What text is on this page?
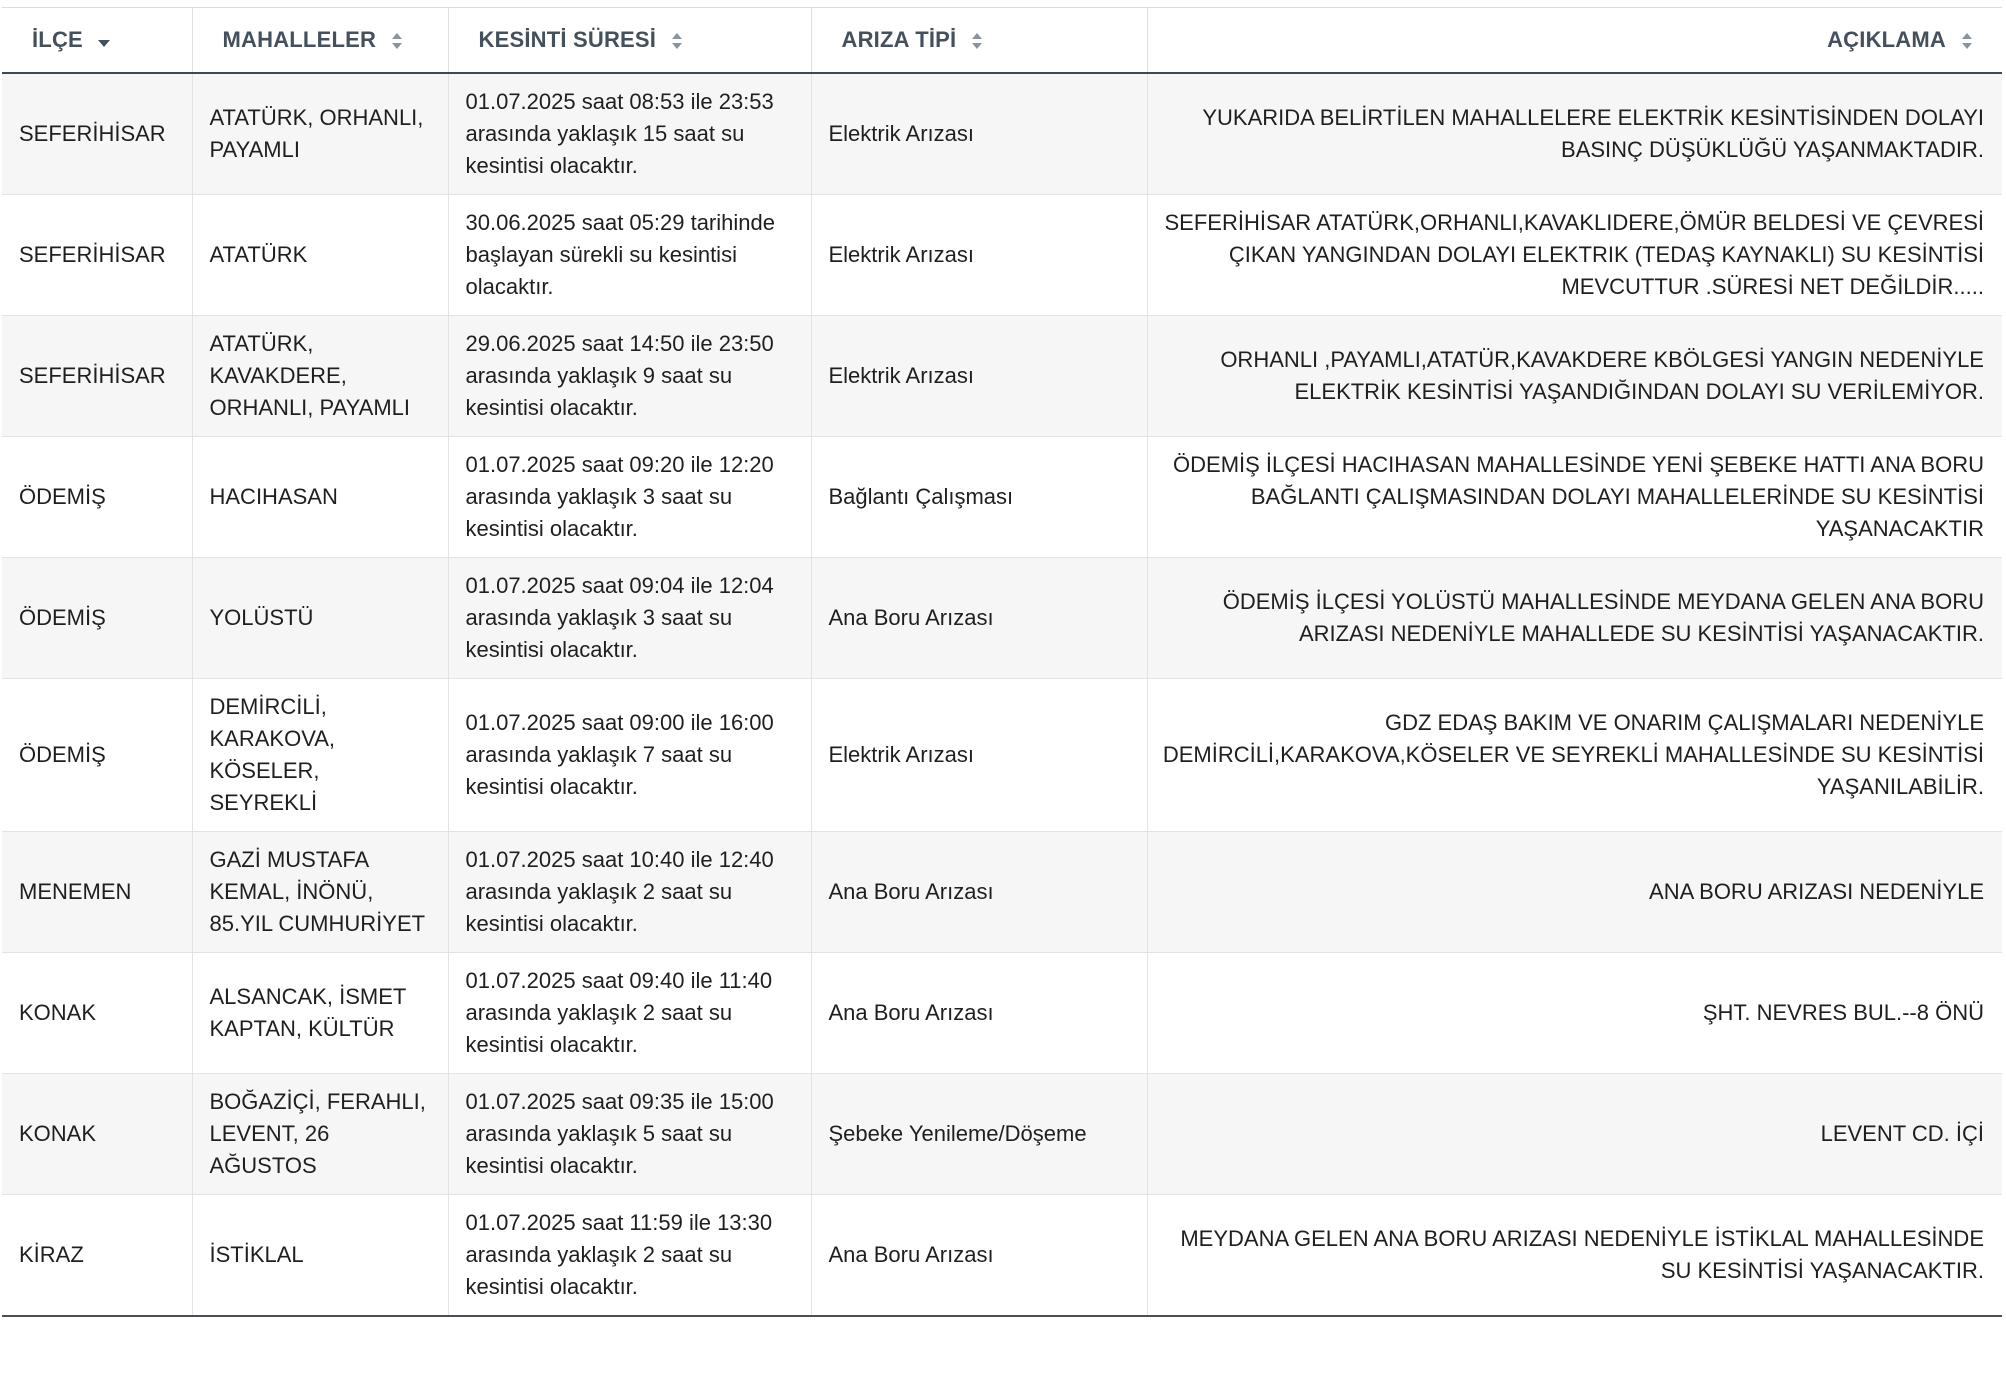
İLÇE	MAHALLELER	KESİNTİ SÜRESİ	ARIZA TİPİ	AÇIKLAMA

SEFERİHİSAR	ATATÜRK, ORHANLI, PAYAMLI	01.07.2025 saat 08:53 ile 23:53 arasında yaklaşık 15 saat su kesintisi olacaktır.	Elektrik Arızası	YUKARIDA BELİRTİLEN MAHALLELERE ELEKTRİK KESİNTİSİNDEN DOLAYI BASINÇ DÜŞÜKLÜĞÜ YAŞANMAKTADIR.
SEFERİHİSAR	ATATÜRK	30.06.2025 saat 05:29 tarihinde başlayan sürekli su kesintisi olacaktır.	Elektrik Arızası	SEFERİHİSAR ATATÜRK,ORHANLI,KAVAKLIDERE,ÖMÜR BELDESİ VE ÇEVRESİ ÇIKAN YANGINDAN DOLAYI ELEKTRIK (TEDAŞ KAYNAKLI) SU KESİNTİSİ MEVCUTTUR .SÜRESİ NET DEĞİLDİR.....
SEFERİHİSAR	ATATÜRK, KAVAKDERE, ORHANLI, PAYAMLI	29.06.2025 saat 14:50 ile 23:50 arasında yaklaşık 9 saat su kesintisi olacaktır.	Elektrik Arızası	ORHANLI ,PAYAMLI,ATATÜR,KAVAKDERE KBÖLGESİ YANGIN NEDENİYLE ELEKTRİK KESİNTİSİ YAŞANDIĞINDAN DOLAYI SU VERİLEMİYOR.
ÖDEMİŞ	HACIHASAN	01.07.2025 saat 09:20 ile 12:20 arasında yaklaşık 3 saat su kesintisi olacaktır.	Bağlantı Çalışması	ÖDEMİŞ İLÇESİ HACIHASAN MAHALLESİNDE YENİ ŞEBEKE HATTI ANA BORU BAĞLANTI ÇALIŞMASINDAN DOLAYI MAHALLELERİNDE SU KESİNTİSİ YAŞANACAKTIR
ÖDEMİŞ	YOLÜSTÜ	01.07.2025 saat 09:04 ile 12:04 arasında yaklaşık 3 saat su kesintisi olacaktır.	Ana Boru Arızası	ÖDEMİŞ İLÇESİ YOLÜSTÜ MAHALLESİNDE MEYDANA GELEN ANA BORU ARIZASI NEDENİYLE MAHALLEDE SU KESİNTİSİ YAŞANACAKTIR.
ÖDEMİŞ	DEMİRCİLİ, KARAKOVA, KÖSELER, SEYREKLİ	01.07.2025 saat 09:00 ile 16:00 arasında yaklaşık 7 saat su kesintisi olacaktır.	Elektrik Arızası	GDZ EDAŞ BAKIM VE ONARIM ÇALIŞMALARI NEDENİYLE DEMİRCİLİ,KARAKOVA,KÖSELER VE SEYREKLİ MAHALLESİNDE SU KESİNTİSİ YAŞANILABİLİR.
MENEMEN	GAZİ MUSTAFA KEMAL, İNÖNÜ, 85.YIL CUMHURİYET	01.07.2025 saat 10:40 ile 12:40 arasında yaklaşık 2 saat su kesintisi olacaktır.	Ana Boru Arızası	ANA BORU ARIZASI NEDENİYLE
KONAK	ALSANCAK, İSMET KAPTAN, KÜLTÜR	01.07.2025 saat 09:40 ile 11:40 arasında yaklaşık 2 saat su kesintisi olacaktır.	Ana Boru Arızası	ŞHT. NEVRES BUL.--8 ÖNÜ
KONAK	BOĞAZİÇİ, FERAHLI, LEVENT, 26 AĞUSTOS	01.07.2025 saat 09:35 ile 15:00 arasında yaklaşık 5 saat su kesintisi olacaktır.	Şebeke Yenileme/Döşeme	LEVENT CD. İÇİ
KİRAZ	İSTİKLAL	01.07.2025 saat 11:59 ile 13:30 arasında yaklaşık 2 saat su kesintisi olacaktır.	Ana Boru Arızası	MEYDANA GELEN ANA BORU ARIZASI NEDENİYLE İSTİKLAL MAHALLESİNDE SU KESİNTİSİ YAŞANACAKTIR.
